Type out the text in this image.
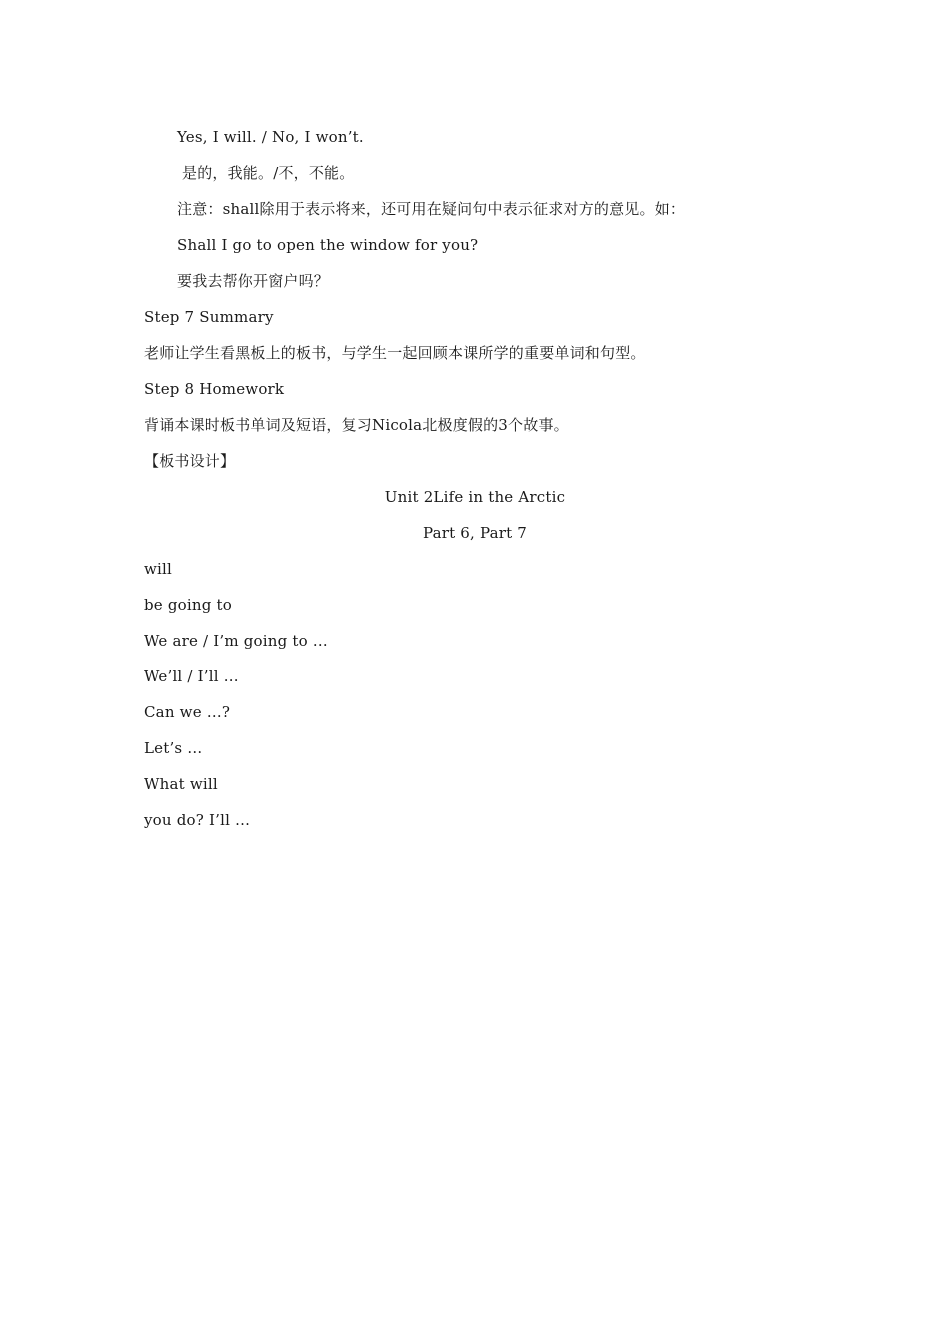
Yes, I will. / No, I won’t.
是的，我能。/不，不能。
注意：shall除用于表示将来，还可用在疑问句中表示征求对方的意见。如：
Shall I go to open the window for you?
要我去帮你开窗户吗？
Step 7 Summary
老师让学生看黑板上的板书，与学生一起回顾本课所学的重要单词和句型。
Step 8 Homework
背诵本课时板书单词及短语，复习Nicola北极度假的3个故事。
【板书设计】
Unit 2Life in the Arctic
Part 6, Part 7
will
be going to
We are / I’m going to …
We’ll / I’ll …
Can we …?
Let’s …
What will
you do? I’ll …
